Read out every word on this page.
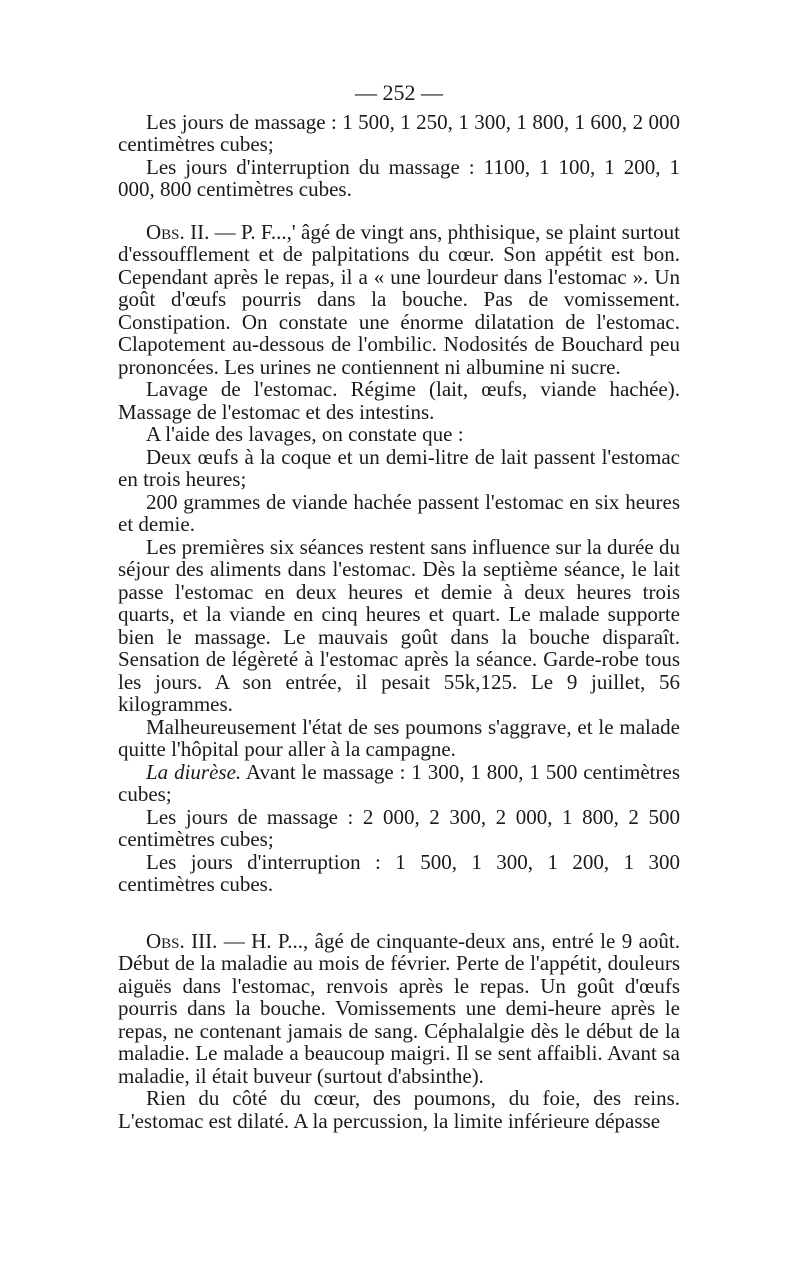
— 252 —

Les jours de massage : 1 500, 1 250, 1 300, 1 800, 1 600, 2 000 centimètres cubes;

Les jours d'interruption du massage : 1100, 1 100, 1 200, 1 000, 800 centimètres cubes.

Obs. II. — P. F...,' âgé de vingt ans, phthisique, se plaint surtout d'essoufflement et de palpitations du cœur. Son appétit est bon. Cependant après le repas, il a « une lourdeur dans l'estomac ». Un goût d'œufs pourris dans la bouche. Pas de vomissement. Constipation. On constate une énorme dilatation de l'estomac. Clapotement au-dessous de l'ombilic. Nodosités de Bouchard peu prononcées. Les urines ne contiennent ni albumine ni sucre.

Lavage de l'estomac. Régime (lait, œufs, viande hachée). Massage de l'estomac et des intestins.

A l'aide des lavages, on constate que :

Deux œufs à la coque et un demi-litre de lait passent l'estomac en trois heures;

200 grammes de viande hachée passent l'estomac en six heures et demie.

Les premières six séances restent sans influence sur la durée du séjour des aliments dans l'estomac. Dès la septième séance, le lait passe l'estomac en deux heures et demie à deux heures trois quarts, et la viande en cinq heures et quart. Le malade supporte bien le massage. Le mauvais goût dans la bouche disparaît. Sensation de légèreté à l'estomac après la séance. Garde-robe tous les jours. A son entrée, il pesait 55k,125. Le 9 juillet, 56 kilogrammes.

Malheureusement l'état de ses poumons s'aggrave, et le malade quitte l'hôpital pour aller à la campagne.

La diurèse. Avant le massage : 1 300, 1 800, 1 500 centimètres cubes;

Les jours de massage : 2 000, 2 300, 2 000, 1 800, 2 500 centimètres cubes;

Les jours d'interruption : 1 500, 1 300, 1 200, 1 300 centimètres cubes.

Obs. III. — H. P..., âgé de cinquante-deux ans, entré le 9 août. Début de la maladie au mois de février. Perte de l'appétit, douleurs aiguës dans l'estomac, renvois après le repas. Un goût d'œufs pourris dans la bouche. Vomissements une demi-heure après le repas, ne contenant jamais de sang. Céphalalgie dès le début de la maladie. Le malade a beaucoup maigri. Il se sent affaibli. Avant sa maladie, il était buveur (surtout d'absinthe).

Rien du côté du cœur, des poumons, du foie, des reins. L'estomac est dilaté. A la percussion, la limite inférieure dépasse
